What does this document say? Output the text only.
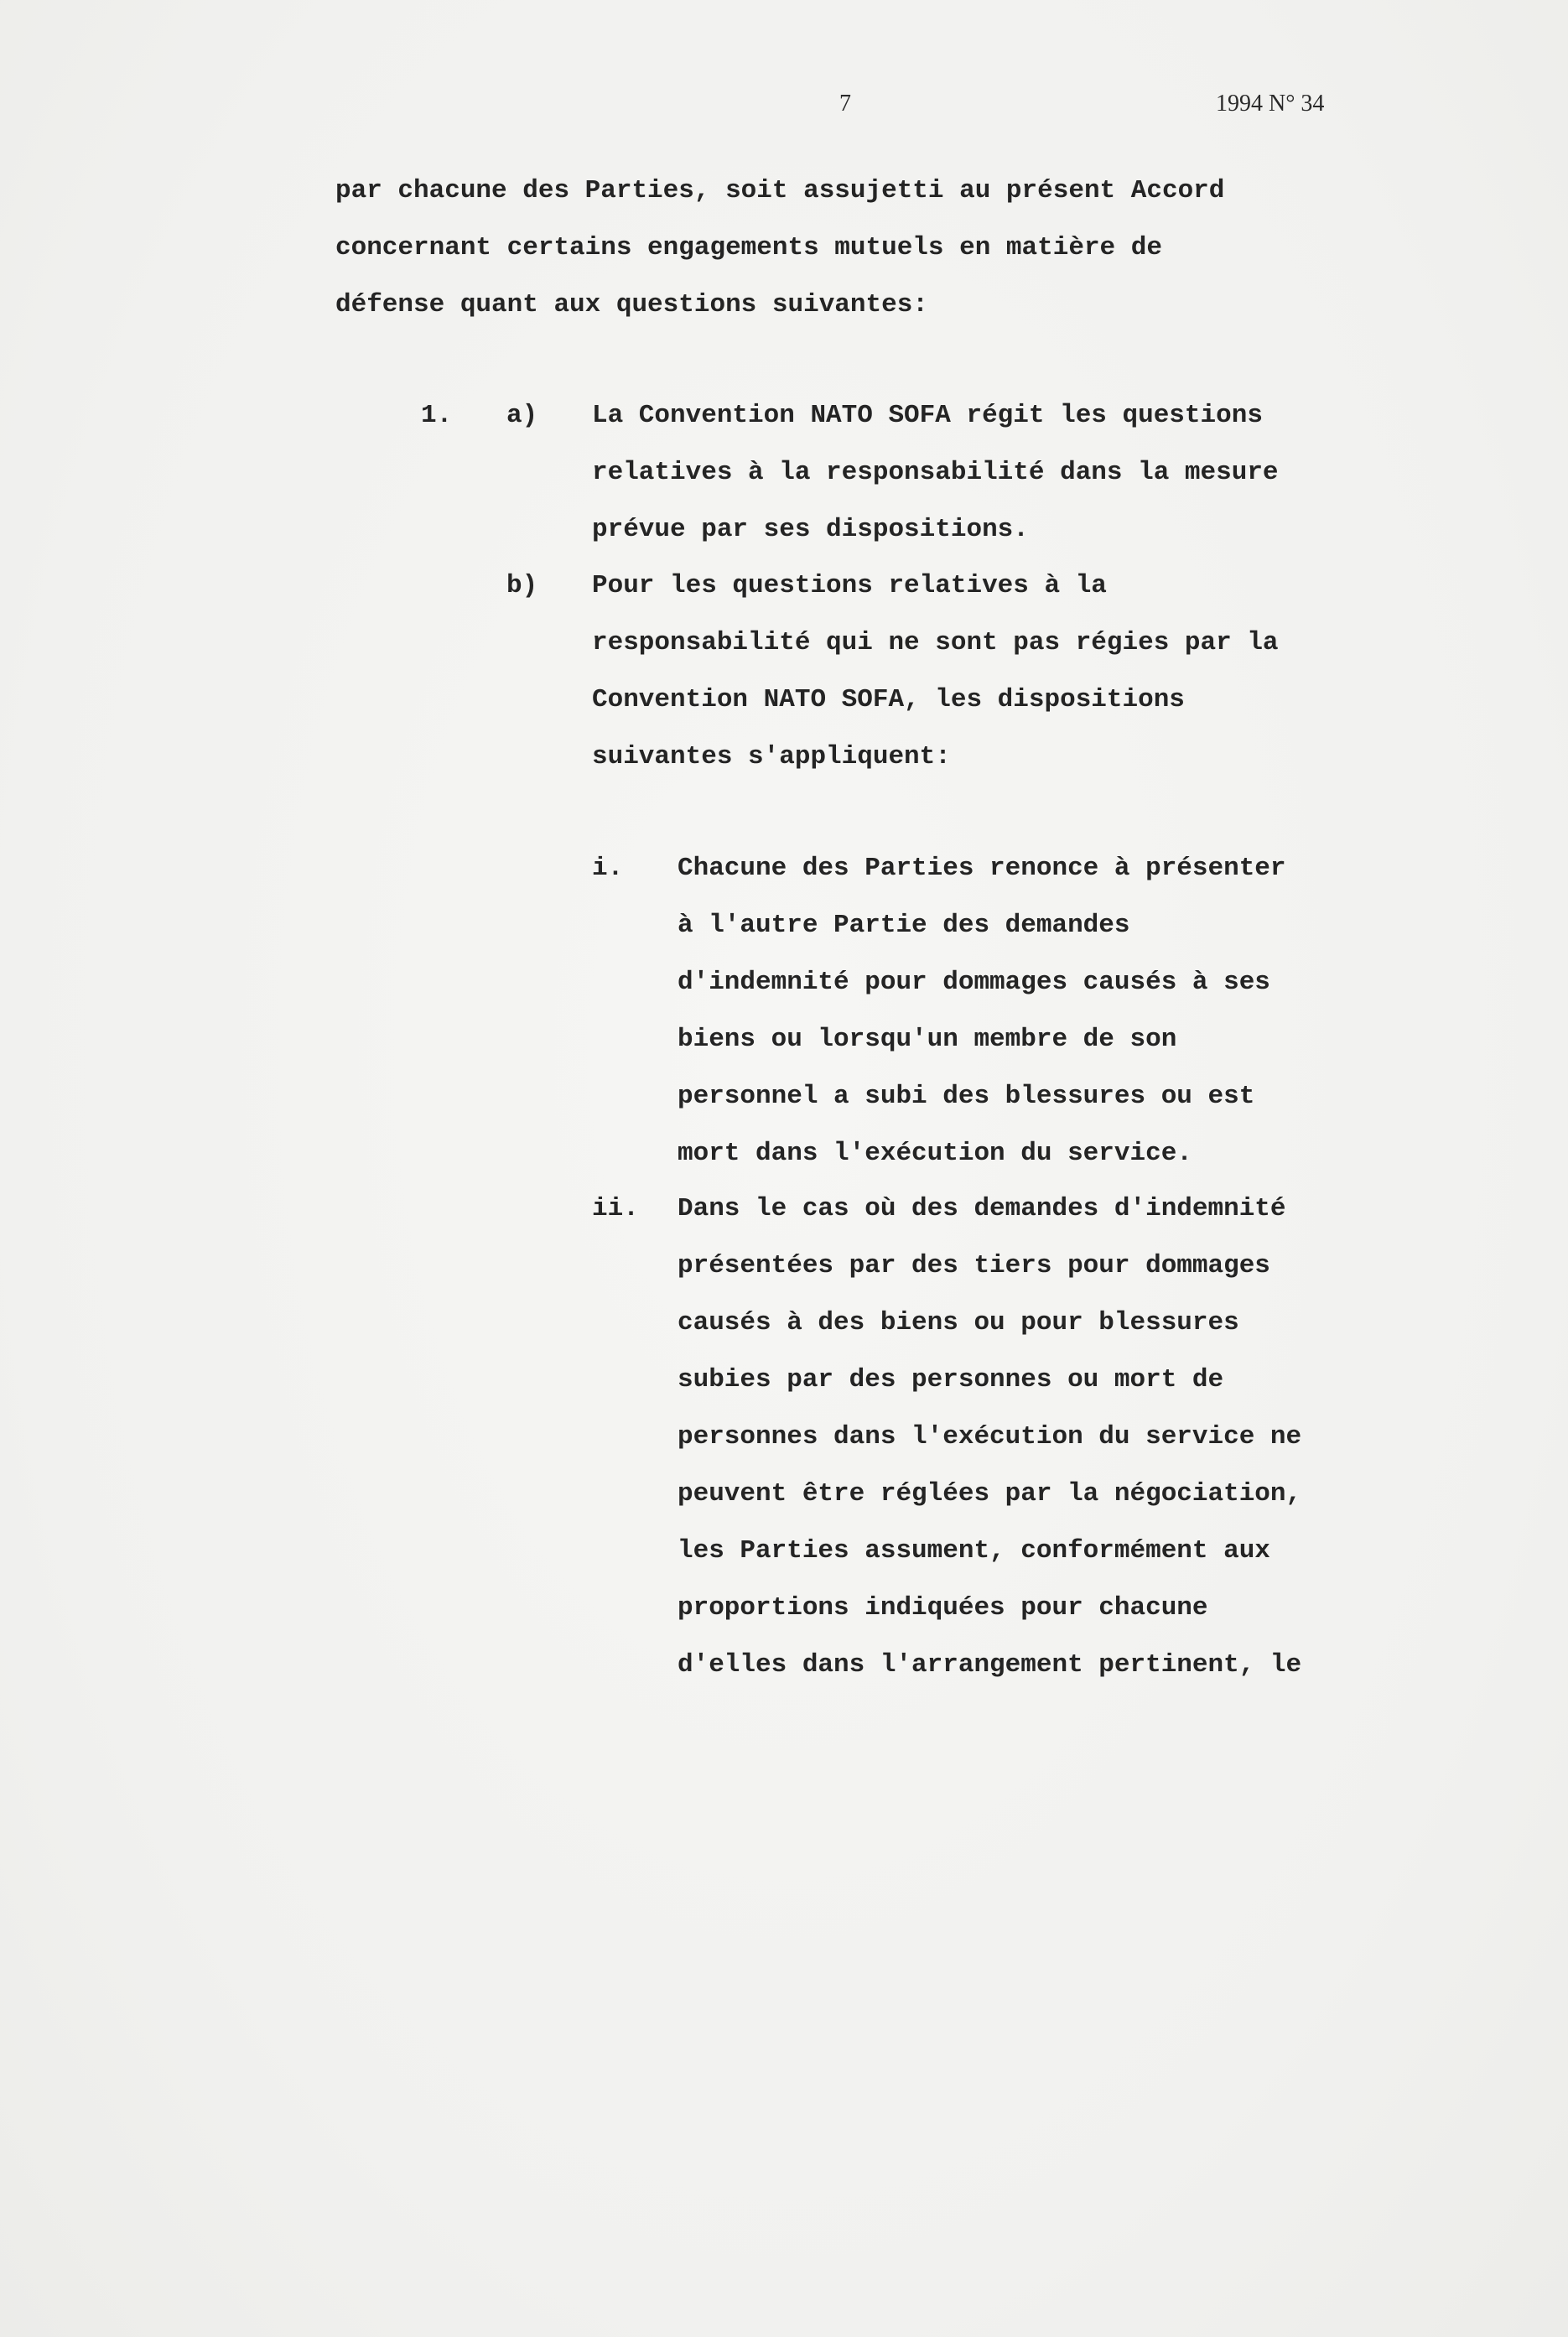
7	1994 N° 34
par chacune des Parties, soit assujetti au présent Accord
concernant certains engagements mutuels en matière de
défense quant aux questions suivantes:
1. a) La Convention NATO SOFA régit les questions
relatives à la responsabilité dans la mesure
prévue par ses dispositions.
b) Pour les questions relatives à la
responsabilité qui ne sont pas régies par la
Convention NATO SOFA, les dispositions
suivantes s'appliquent:
i. Chacune des Parties renonce à présenter
à l'autre Partie des demandes
d'indemnité pour dommages causés à ses
biens ou lorsqu'un membre de son
personnel a subi des blessures ou est
mort dans l'exécution du service.
ii. Dans le cas où des demandes d'indemnité
présentées par des tiers pour dommages
causés à des biens ou pour blessures
subies par des personnes ou mort de
personnes dans l'exécution du service ne
peuvent être réglées par la négociation,
les Parties assument, conformément aux
proportions indiquées pour chacune
d'elles dans l'arrangement pertinent, le
